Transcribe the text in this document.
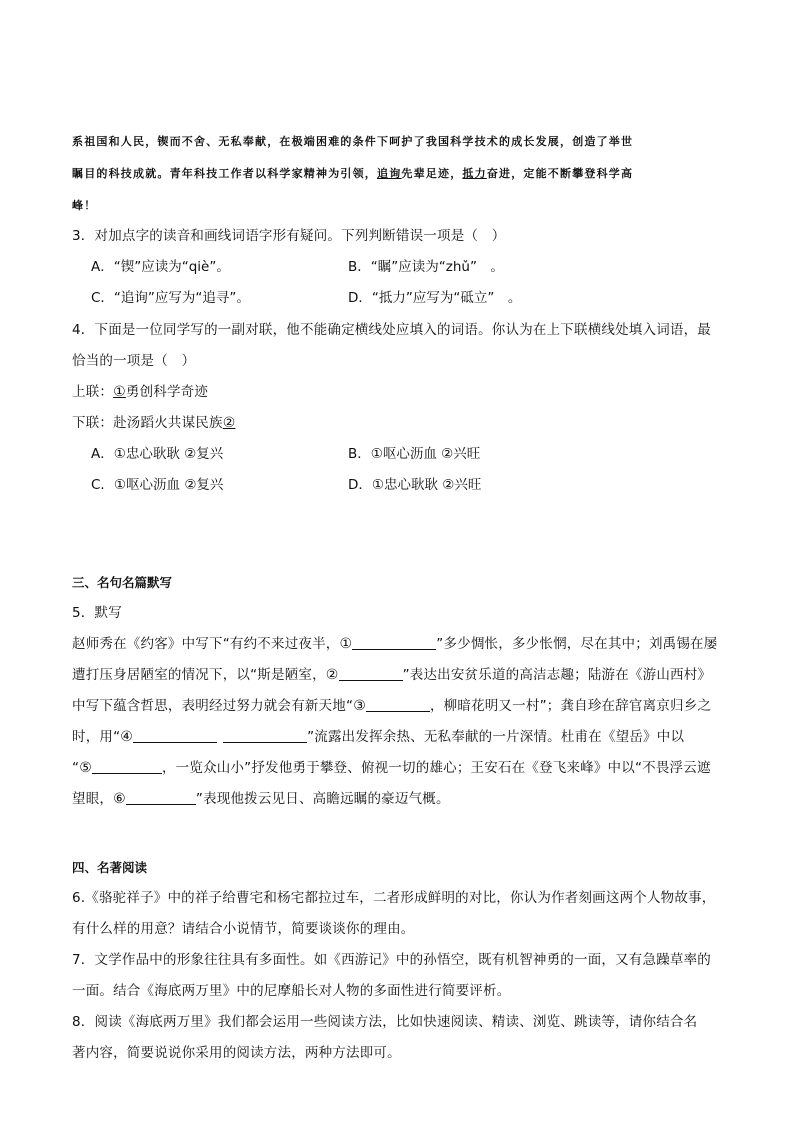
系祖国和人民，锲而不舍、无私奉献，在极端困难的条件下呵护了我国科学技术的成长发展，创造了举世
瞩目的科技成就。青年科技工作者以科学家精神为引领，追询先辈足迹，抵力奋进，定能不断攀登科学高
峰！
3．对加点字的读音和画线词语字形有疑问。下列判断错误一项是（　）
A．“锲”应读为“qiè”。	B．“瞩”应读为“zhǔ”　。
C．“追询”应写为“追寻”。	D．“抵力”应写为“砥立”　。
4．下面是一位同学写的一副对联，他不能确定横线处应填入的词语。你认为在上下联横线处填入词语，最
恰当的一项是（　）
上联：①勇创科学奇迹
下联：赴汤蹈火共谋民族②
A．①忠心耿耿 ②复兴	B．①呕心沥血 ②兴旺
C．①呕心沥血 ②复兴	D．①忠心耿耿 ②兴旺
三、名句名篇默写
5．默写
赵师秀在《约客》中写下“有约不来过夜半，①	”多少惆怅，多少怅惘，尽在其中；刘禹锡在屡
遭打压身居陋室的情况下，以“斯是陋室，②	”表达出安贫乐道的高洁志趣；陆游在《游山西村》
中写下蕴含哲思，表明经过努力就会有新天地“③	，柳暗花明又一村”；龚自珍在辞官离京归乡之
时，用“④	”流露出发挥余热、无私奉献的一片深情。杜甫在《望岳》中以
“⑤	，一览众山小”抒发他勇于攀登、俯视一切的雄心；王安石在《登飞来峰》中以“不畏浮云遮
望眼，⑥	”表现他拨云见日、高瞻远瞩的豪迈气概。
四、名著阅读
6.《骆驼祥子》中的祥子给曹宅和杨宅都拉过车，二者形成鲜明的对比，你认为作者刻画这两个人物故事，
有什么样的用意？请结合小说情节，简要谈谈你的理由。
7．文学作品中的形象往往具有多面性。如《西游记》中的孙悟空，既有机智神勇的一面，又有急躁草率的
一面。结合《海底两万里》中的尼摩船长对人物的多面性进行简要评析。
8．阅读《海底两万里》我们都会运用一些阅读方法，比如快速阅读、精读、浏览、跳读等，请你结合名
著内容，简要说说你采用的阅读方法，两种方法即可。
